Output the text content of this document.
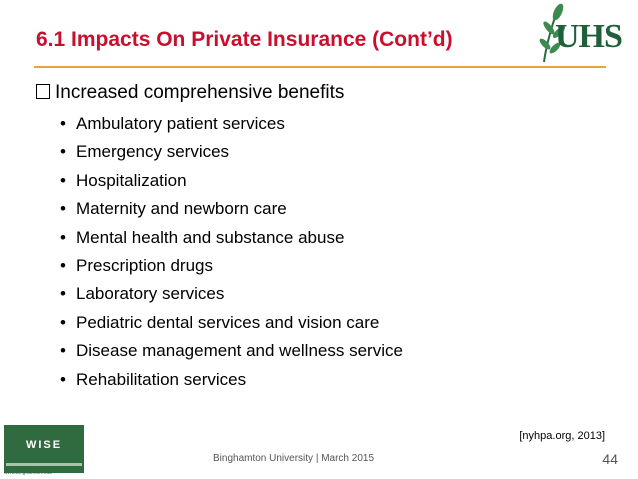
6.1 Impacts On Private Insurance (Cont’d)	UHS
Increased comprehensive benefits
• Ambulatory patient services
• Emergency services
• Hospitalization
• Maternity and newborn care
• Mental health and substance abuse
• Prescription drugs
• Laboratory services
• Pediatric dental services and vision care
• Disease management and wellness service
• Rehabilitation services
[nyhpa.org, 2013]
WISE
www.binghamton.edu
Binghamton University | March 2015	44
